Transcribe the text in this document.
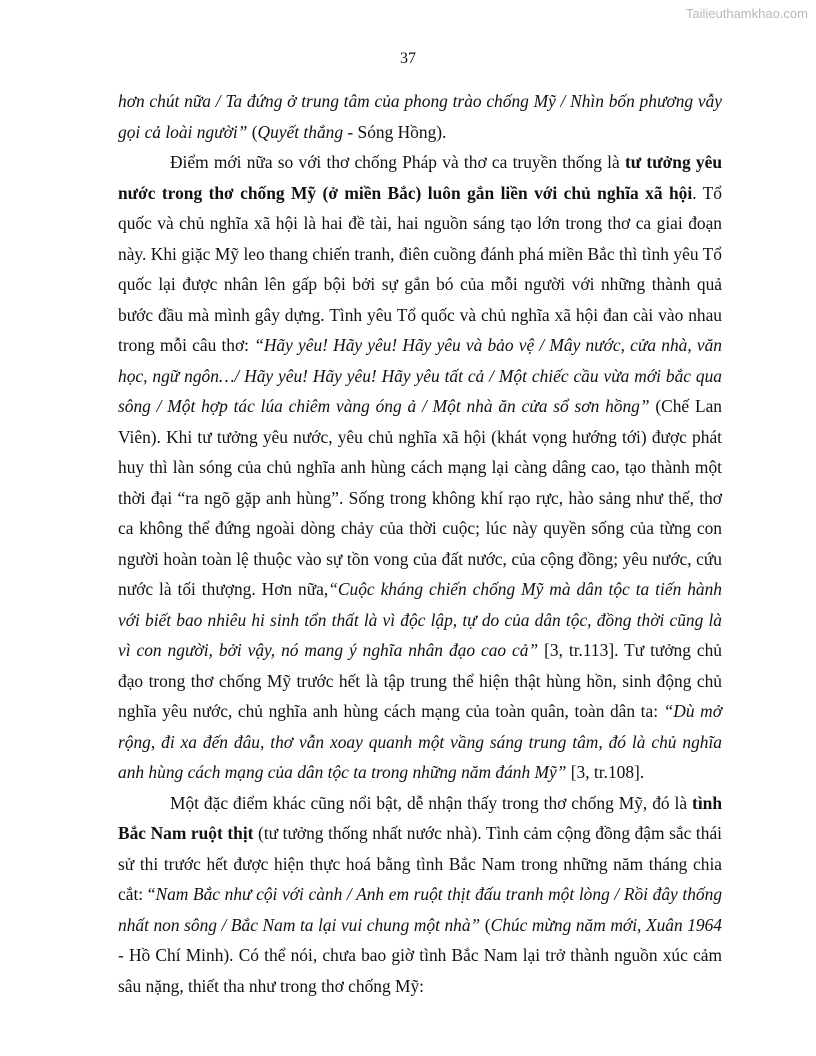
Tailieuthamkhao.com
37

hơn chút nữa / Ta đứng ở trung tâm của phong trào chống Mỹ / Nhìn bốn phương vẫy gọi cả loài người” (Quyết thắng - Sóng Hồng).

Điểm mới nữa so với thơ chống Pháp và thơ ca truyền thống là tư tưởng yêu nước trong thơ chống Mỹ (ở miền Bắc) luôn gắn liền với chủ nghĩa xã hội. Tổ quốc và chủ nghĩa xã hội là hai đề tài, hai nguồn sáng tạo lớn trong thơ ca giai đoạn này. Khi giặc Mỹ leo thang chiến tranh, điên cuồng đánh phá miền Bắc thì tình yêu Tổ quốc lại được nhân lên gấp bội bởi sự gắn bó của mỗi người với những thành quả bước đầu mà mình gây dựng. Tình yêu Tổ quốc và chủ nghĩa xã hội đan cài vào nhau trong mỗi câu thơ: “Hãy yêu! Hãy yêu! Hãy yêu và bảo vệ / Mây nước, cửa nhà, văn học, ngữ ngôn…/ Hãy yêu! Hãy yêu! Hãy yêu tất cả / Một chiếc cầu vừa mới bắc qua sông / Một hợp tác lúa chiêm vàng óng ả / Một nhà ăn cửa sổ sơn hồng” (Chế Lan Viên). Khi tư tưởng yêu nước, yêu chủ nghĩa xã hội (khát vọng hướng tới) được phát huy thì làn sóng của chủ nghĩa anh hùng cách mạng lại càng dâng cao, tạo thành một thời đại “ra ngõ gặp anh hùng”. Sống trong không khí rạo rực, hào sảng như thế, thơ ca không thể đứng ngoài dòng chảy của thời cuộc; lúc này quyền sống của từng con người hoàn toàn lệ thuộc vào sự tồn vong của đất nước, của cộng đồng; yêu nước, cứu nước là tối thượng. Hơn nữa,“Cuộc kháng chiến chống Mỹ mà dân tộc ta tiến hành với biết bao nhiêu hi sinh tổn thất là vì độc lập, tự do của dân tộc, đồng thời cũng là vì con người, bởi vậy, nó mang ý nghĩa nhân đạo cao cả” [3, tr.113]. Tư tưởng chủ đạo trong thơ chống Mỹ trước hết là tập trung thể hiện thật hùng hồn, sinh động chủ nghĩa yêu nước, chủ nghĩa anh hùng cách mạng của toàn quân, toàn dân ta: “Dù mở rộng, đi xa đến đâu, thơ vẫn xoay quanh một vầng sáng trung tâm, đó là chủ nghĩa anh hùng cách mạng của dân tộc ta trong những năm đánh Mỹ” [3, tr.108].

Một đặc điểm khác cũng nổi bật, dễ nhận thấy trong thơ chống Mỹ, đó là tình Bắc Nam ruột thịt (tư tưởng thống nhất nước nhà). Tình cảm cộng đồng đậm sắc thái sử thi trước hết được hiện thực hoá bằng tình Bắc Nam trong những năm tháng chia cắt: “Nam Bắc như cội với cành / Anh em ruột thịt đấu tranh một lòng / Rồi đây thống nhất non sông / Bắc Nam ta lại vui chung một nhà” (Chúc mừng năm mới, Xuân 1964 - Hồ Chí Minh). Có thể nói, chưa bao giờ tình Bắc Nam lại trở thành nguồn xúc cảm sâu nặng, thiết tha như trong thơ chống Mỹ:
